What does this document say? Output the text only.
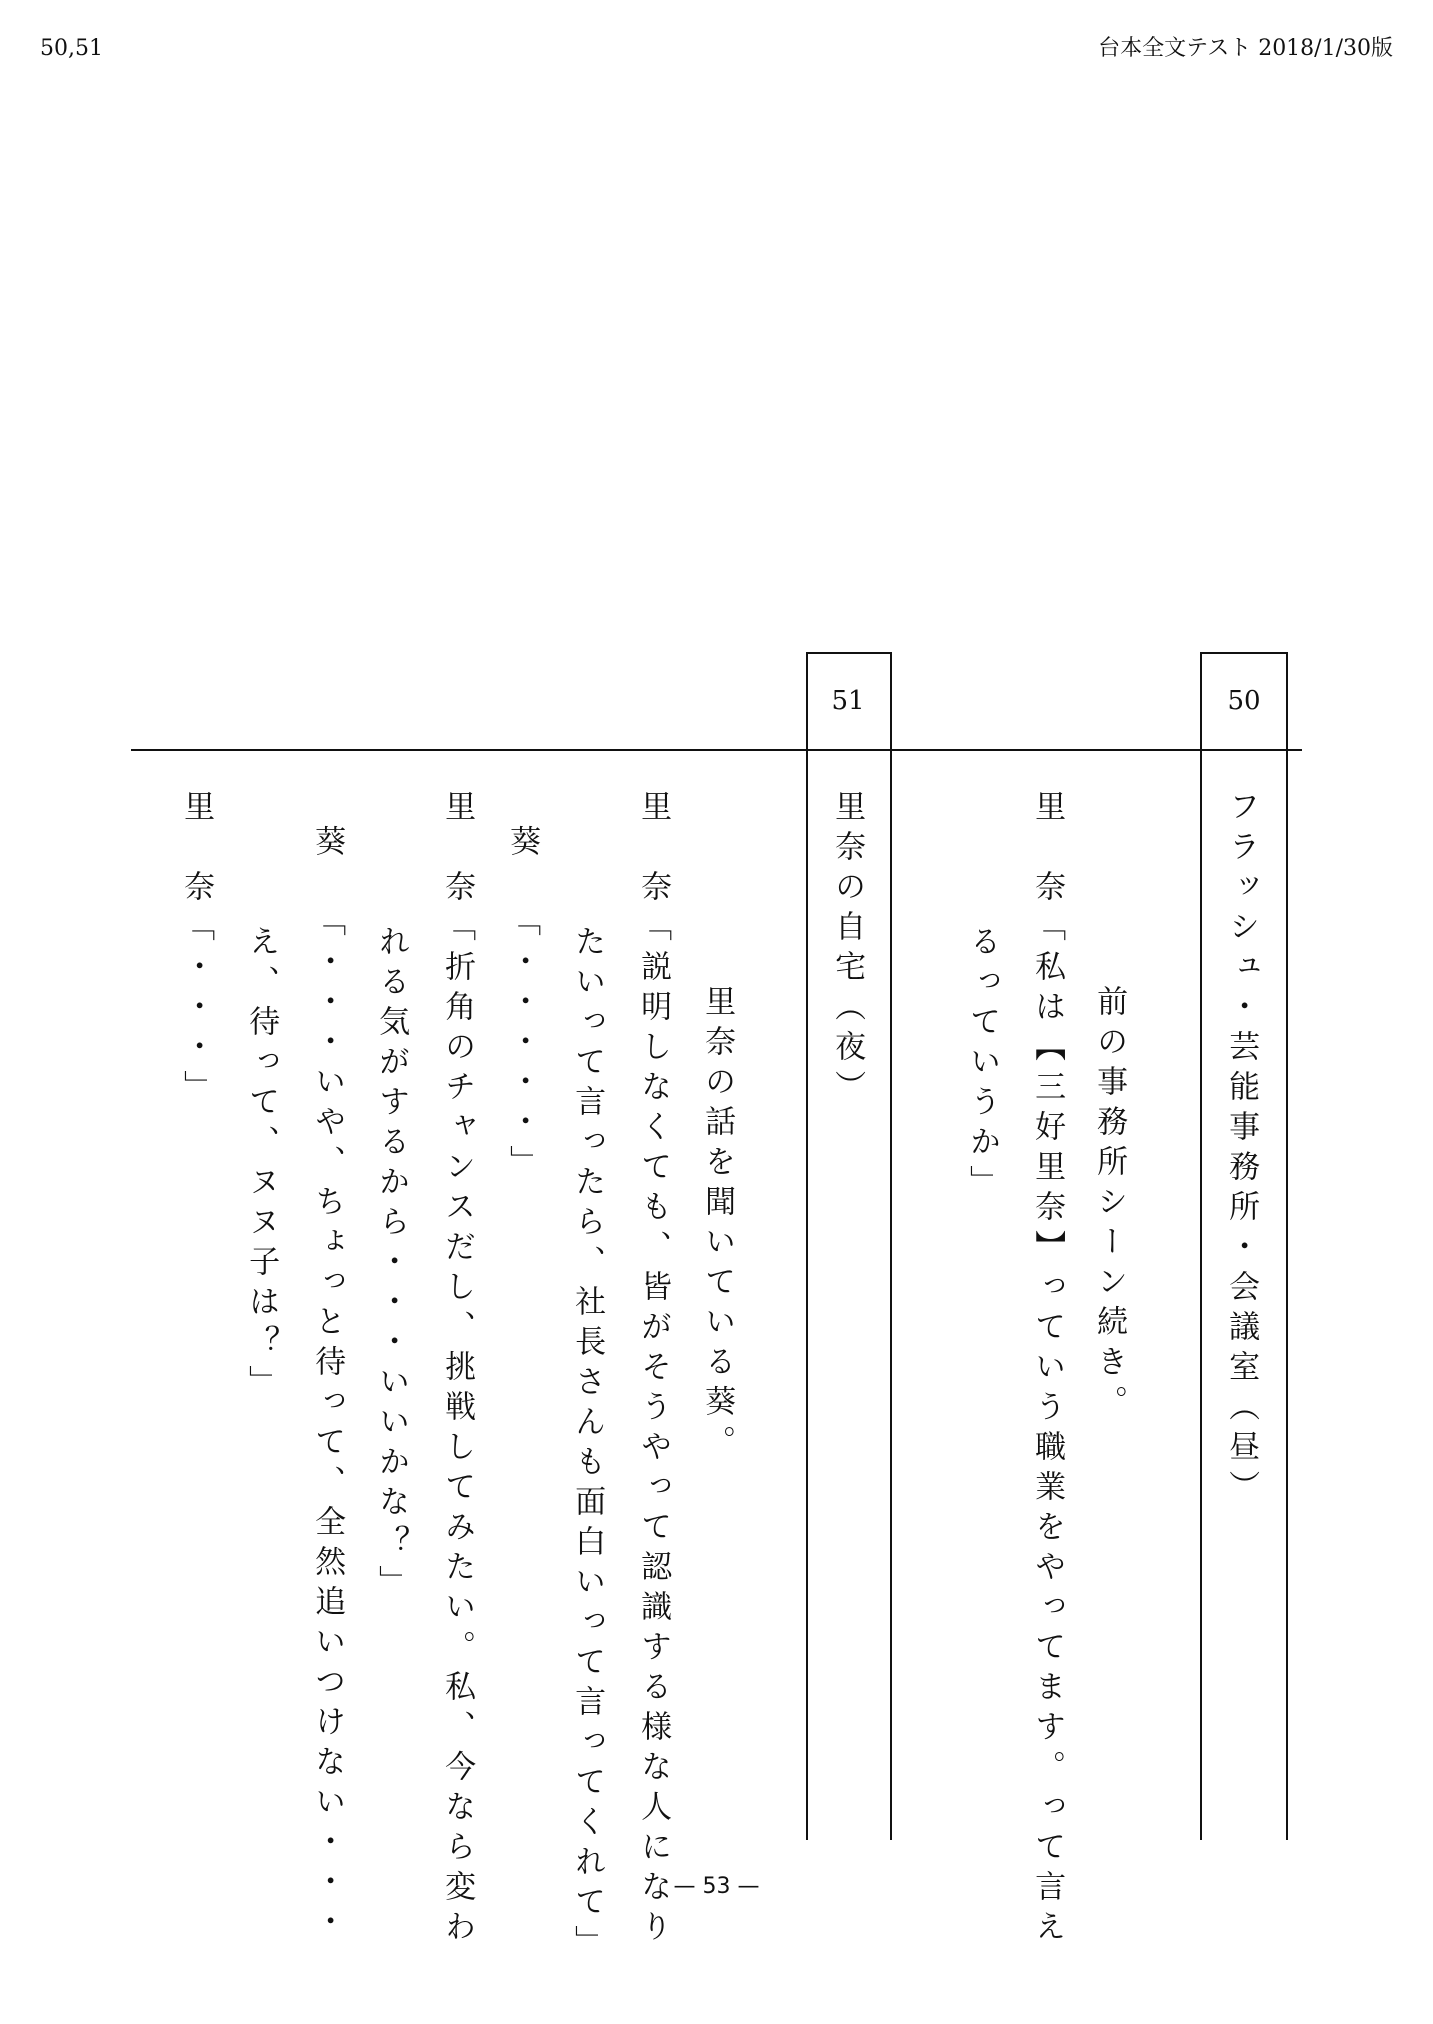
50,51	台本全文テスト 2018/1/30版
50
51
フラッシュ・芸能事務所・会議室（昼）
前の事務所シーン続き。
里　奈
「私は【三好里奈】っていう職業をやってます。って言え
るっていうか」
里奈の自宅（夜）
里奈の話を聞いている葵。
里　奈
「説明しなくても、皆がそうやって認識する様な人になり
たいって言ったら、社長さんも面白いって言ってくれて」
葵
「・・・・・」
里　奈
「折角のチャンスだし、挑戦してみたい。私、今なら変わ
れる気がするから・・・いいかな？」
葵
「・・・いや、ちょっと待って、全然追いつけない・・・
え、待って、ヌヌ子は？」
里　奈
「・・・」
— 53 —
